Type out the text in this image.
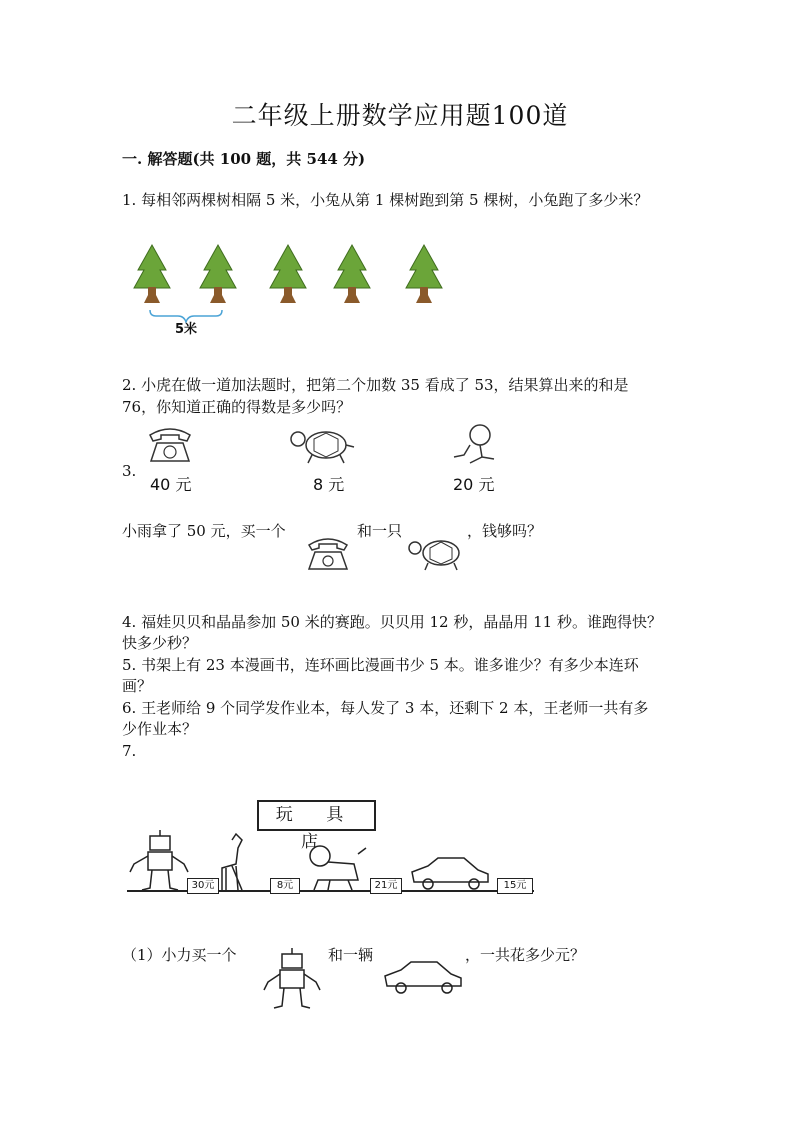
二年级上册数学应用题100道
一. 解答题(共 100 题，共 544 分)
1. 每相邻两棵树相隔 5 米，小兔从第 1 棵树跑到第 5 棵树，小兔跑了多少米？
5米
2. 小虎在做一道加法题时，把第二个加数 35 看成了 53，结果算出来的和是
76，你知道正确的得数是多少吗？
3.
40 元	8 元	20 元
小雨拿了 50 元，买一个	和一只	，钱够吗？
4. 福娃贝贝和晶晶参加 50 米的赛跑。贝贝用 12 秒，晶晶用 11 秒。谁跑得快？
快多少秒？
5. 书架上有 23 本漫画书，连环画比漫画书少 5 本。谁多谁少？有多少本连环
画？
6. 王老师给 9 个同学发作业本，每人发了 3 本，还剩下 2 本，王老师一共有多
少作业本？
7.
玩 具 店
30元	8元	21元	15元
（1）小力买一个	和一辆	，一共花多少元？
